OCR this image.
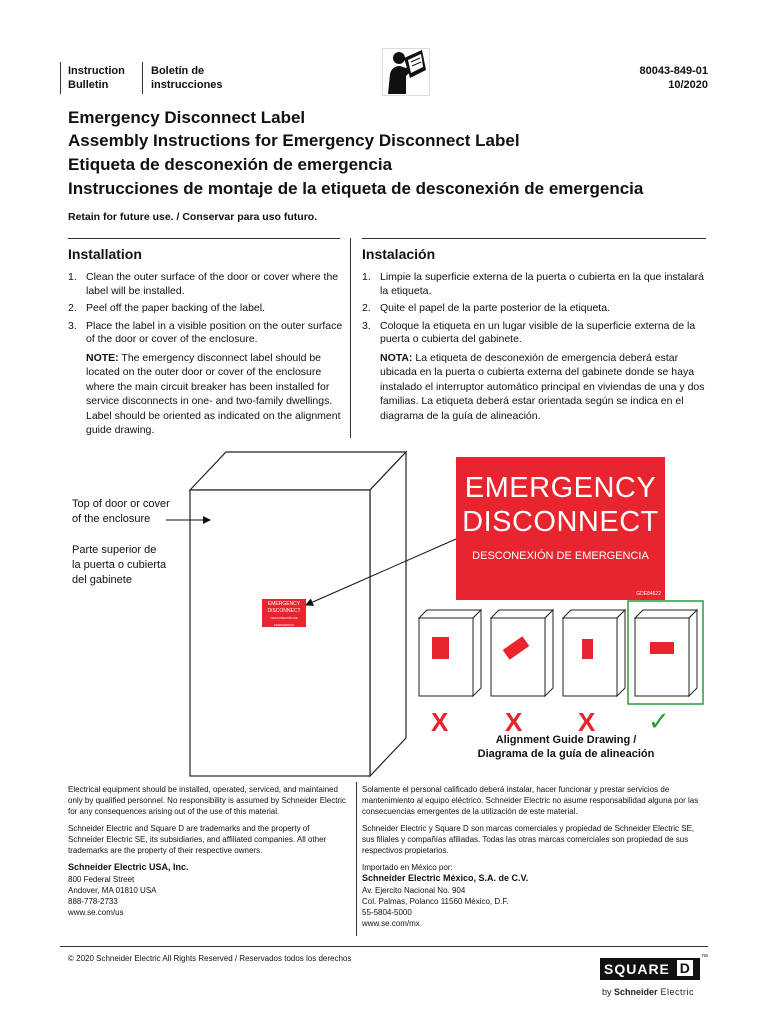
Instruction
Bulletin
Boletín de
instrucciones
80043-849-01
10/2020
Emergency Disconnect Label
Assembly Instructions for Emergency Disconnect Label
Etiqueta de desconexión de emergencia
Instrucciones de montaje de la etiqueta de desconexión de emergencia
Retain for future use. / Conservar para uso futuro.
Installation
1. Clean the outer surface of the door or cover where the label will be installed.
2. Peel off the paper backing of the label.
3. Place the label in a visible position on the outer surface of the door or cover of the enclosure.
NOTE: The emergency disconnect label should be located on the outer door or cover of the enclosure where the main circuit breaker has been installed for service disconnects in one- and two-family dwellings. Label should be oriented as indicated on the alignment guide drawing.
Instalación
1. Limpie la superficie externa de la puerta o cubierta en la que instalará la etiqueta.
2. Quite el papel de la parte posterior de la etiqueta.
3. Coloque la etiqueta en un lugar visible de la superficie externa de la puerta o cubierta del gabinete.
NOTA: La etiqueta de desconexión de emergencia deberá estar ubicada en la puerta o cubierta externa del gabinete donde se haya instalado el interruptor automático principal en viviendas de una y dos familias. La etiqueta deberá estar orientada según se indica en el diagrama de la guía de alineación.
EMERGENCY
DISCONNECT
DESCONEXIÓN DE EMERGENCIA
Top of door or cover
of the enclosure
Parte superior de
la puerta o cubierta
del gabinete
EMERGENCY
DISCONNECT
DESCONEXIÓN DE EMERGENCIA
GDE84622
X X X ✓
Alignment Guide Drawing /
Diagrama de la guía de alineación

Electrical equipment should be installed, operated, serviced, and maintained only by qualified personnel. No responsibility is assumed by Schneider Electric for any consequences arising out of the use of this material.

Schneider Electric and Square D are trademarks and the property of Schneider Electric SE, its subsidiaries, and affiliated companies. All other trademarks are the property of their respective owners.

Schneider Electric USA, Inc.
800 Federal Street
Andover, MA 01810 USA
888-778-2733
www.se.com/us

Solamente el personal calificado deberá instalar, hacer funcionar y prestar servicios de mantenimiento al equipo eléctrico. Schneider Electric no asume responsabilidad alguna por las consecuencias emergentes de la utilización de este material.

Schneider Electric y Square D son marcas comerciales y propiedad de Schneider Electric SE, sus filiales y compañías afiliadas. Todas las otras marcas comerciales son propiedad de sus respectivos propietarios.

Importado en México por:
Schneider Electric México, S.A. de C.V.
Av. Ejercito Nacional No. 904
Col. Palmas, Polanco 11560 México, D.F.
55-5804-5000
www.se.com/mx
© 2020 Schneider Electric All Rights Reserved / Reservados todos los derechos
SQUARE D
™
by Schneider Electric
